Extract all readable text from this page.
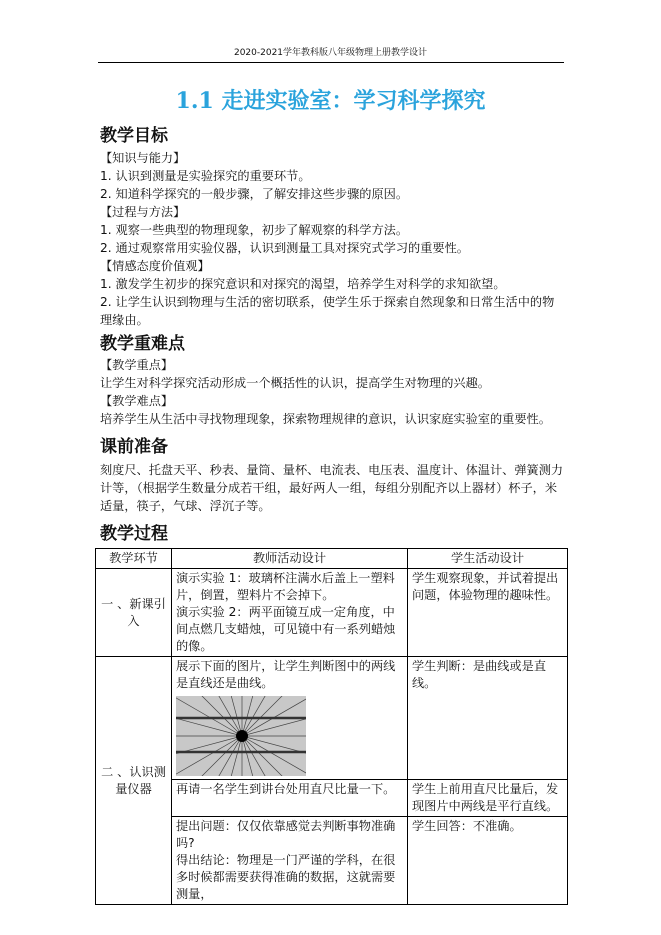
2020-2021学年教科版八年级物理上册教学设计
1.1 走进实验室：学习科学探究
教学目标
【知识与能力】
1. 认识到测量是实验探究的重要环节。
2. 知道科学探究的一般步骤，了解安排这些步骤的原因。
【过程与方法】
1. 观察一些典型的物理现象，初步了解观察的科学方法。
2. 通过观察常用实验仪器，认识到测量工具对探究式学习的重要性。
【情感态度价值观】
1. 激发学生初步的探究意识和对探究的渴望，培养学生对科学的求知欲望。
2. 让学生认识到物理与生活的密切联系，使学生乐于探索自然现象和日常生活中的物理缘由。
教学重难点
【教学重点】
让学生对科学探究活动形成一个概括性的认识，提高学生对物理的兴趣。
【教学难点】
培养学生从生活中寻找物理现象，探索物理规律的意识，认识家庭实验室的重要性。
课前准备
刻度尺、托盘天平、秒表、量筒、量杯、电流表、电压表、温度计、体温计、弹簧测力计等，（根据学生数量分成若干组，最好两人一组，每组分别配齐以上器材）杯子，米适量，筷子，气球、浮沉子等。
教学过程
教学环节	教师活动设计	学生活动设计
一 、新课引入	演示实验 1：玻璃杯注满水后盖上一塑料片，倒置，塑料片不会掉下。
演示实验 2：两平面镜互成一定角度，中间点燃几支蜡烛，可见镜中有一系列蜡烛的像。	学生观察现象，并试着提出问题，体验物理的趣味性。
二 、认识测量仪器	展示下面的图片，让学生判断图中的两线是直线还是曲线。	学生判断：是曲线或是直线。
	再请一名学生到讲台处用直尺比量一下。	学生上前用直尺比量后，发现图片中两线是平行直线。
	提出问题：仅仅依靠感觉去判断事物准确吗?
得出结论：物理是一门严谨的学科，在很多时候都需要获得准确的数据，这就需要测量，	学生回答：不准确。
